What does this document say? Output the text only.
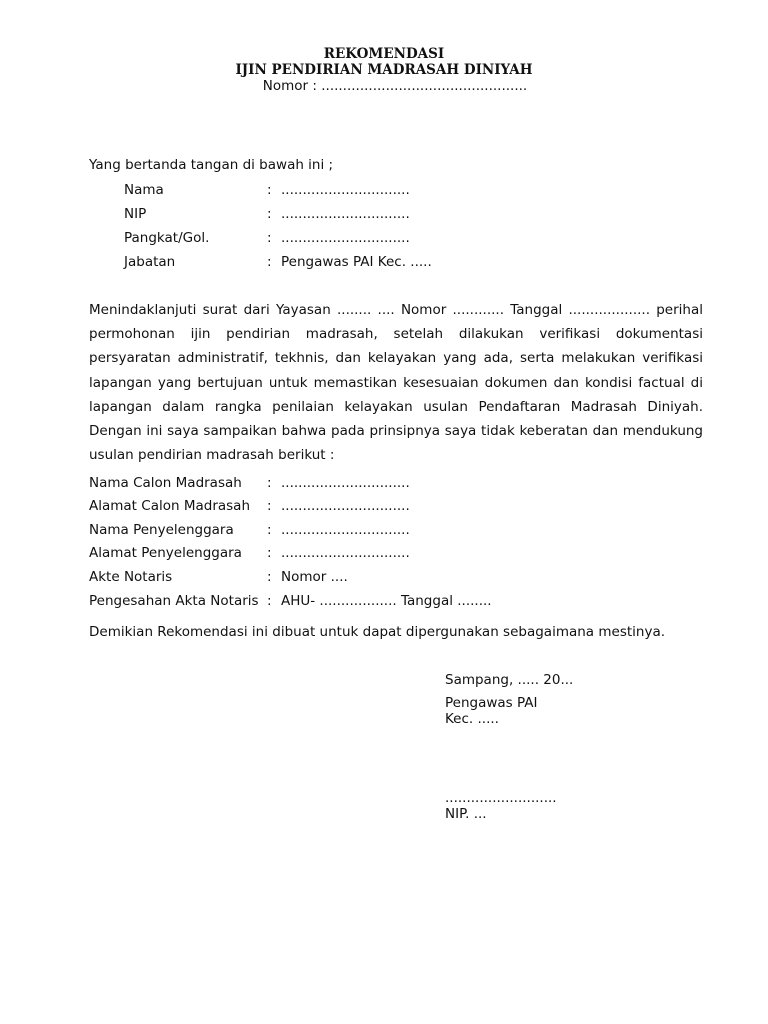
REKOMENDASI
IJIN PENDIRIAN MADRASAH DINIYAH
Nomor : ................................................
Yang bertanda tangan di bawah ini ;
Nama	: ..............................
NIP	: ..............................
Pangkat/Gol.	: ..............................
Jabatan	: Pengawas PAI Kec. .....

Menindaklanjuti surat dari Yayasan ........ .... Nomor ............ Tanggal ................... perihal permohonan ijin pendirian madrasah, setelah dilakukan verifikasi dokumentasi persyaratan administratif, tekhnis, dan kelayakan yang ada, serta melakukan verifikasi lapangan yang bertujuan untuk memastikan kesesuaian dokumen dan kondisi factual di lapangan dalam rangka penilaian kelayakan usulan Pendaftaran Madrasah Diniyah. Dengan ini saya sampaikan bahwa pada prinsipnya saya tidak keberatan dan mendukung usulan pendirian madrasah berikut :

Nama Calon Madrasah : ..............................
Alamat Calon Madrasah : ..............................
Nama Penyelenggara : ..............................
Alamat Penyelenggara : ..............................
Akte Notaris	: Nomor ....
Pengesahan Akta Notaris : AHU- .................. Tanggal ........
Demikian Rekomendasi ini dibuat untuk dapat dipergunakan sebagaimana mestinya.
Sampang, ..... 20...
Pengawas PAI
Kec. .....
..........................
NIP. ...
